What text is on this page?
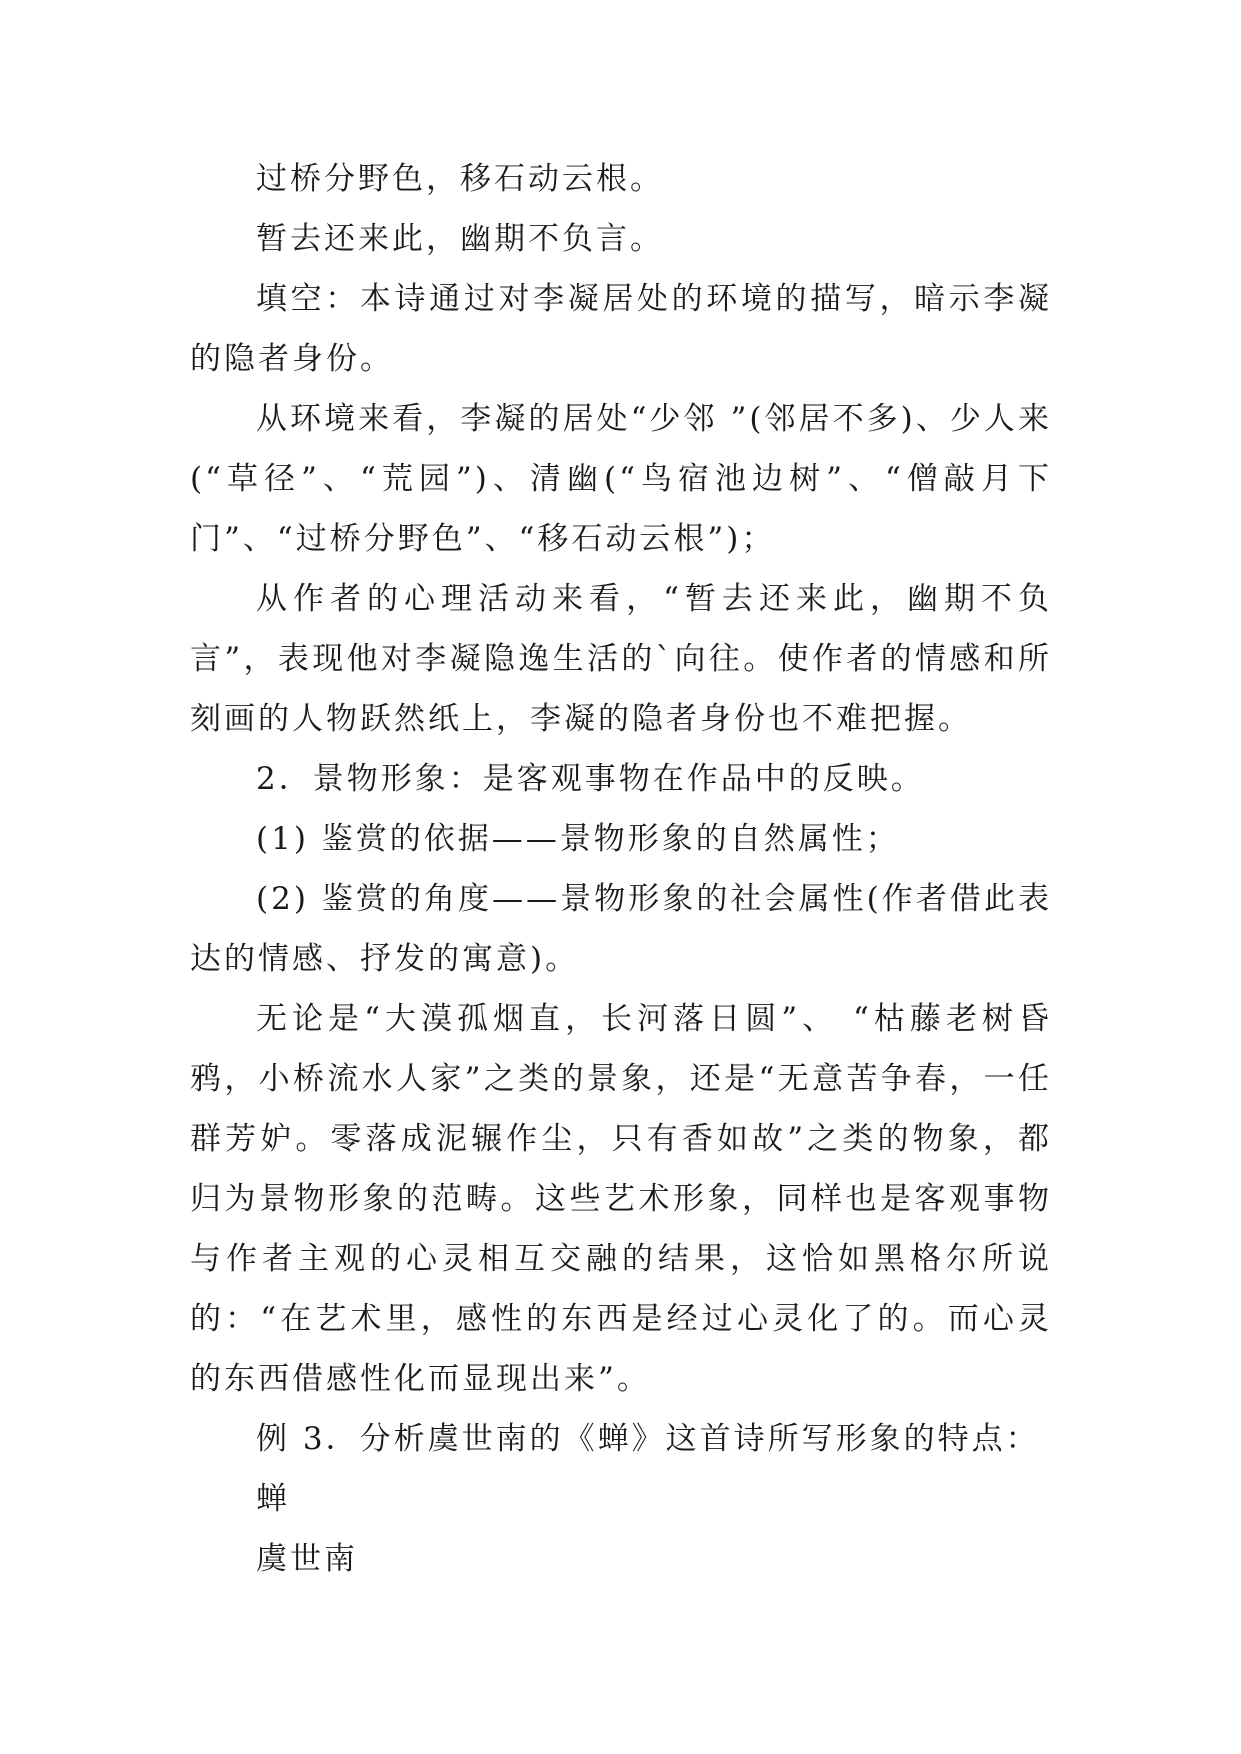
过桥分野色，移石动云根。

暂去还来此，幽期不负言。

填空：本诗通过对李凝居处的环境的描写，暗示李凝的隐者身份。

从环境来看，李凝的居处“少邻 ”(邻居不多)、少人来(“草径”、“荒园”)、清幽(“鸟宿池边树”、“僧敲月下门”、“过桥分野色”、“移石动云根”)；

从作者的心理活动来看，“暂去还来此，幽期不负言”，表现他对李凝隐逸生活的`向往。使作者的情感和所刻画的人物跃然纸上，李凝的隐者身份也不难把握。

2．景物形象：是客观事物在作品中的反映。

(1) 鉴赏的依据——景物形象的自然属性；

(2) 鉴赏的角度——景物形象的社会属性(作者借此表达的情感、抒发的寓意)。

无论是“大漠孤烟直，长河落日圆”、 “枯藤老树昏鸦，小桥流水人家”之类的景象，还是“无意苦争春，一任群芳妒。零落成泥辗作尘，只有香如故”之类的物象，都归为景物形象的范畴。这些艺术形象，同样也是客观事物与作者主观的心灵相互交融的结果，这恰如黑格尔所说的：“在艺术里，感性的东西是经过心灵化了的。而心灵的东西借感性化而显现出来”。

例 3．分析虞世南的《蝉》这首诗所写形象的特点：

蝉

虞世南
